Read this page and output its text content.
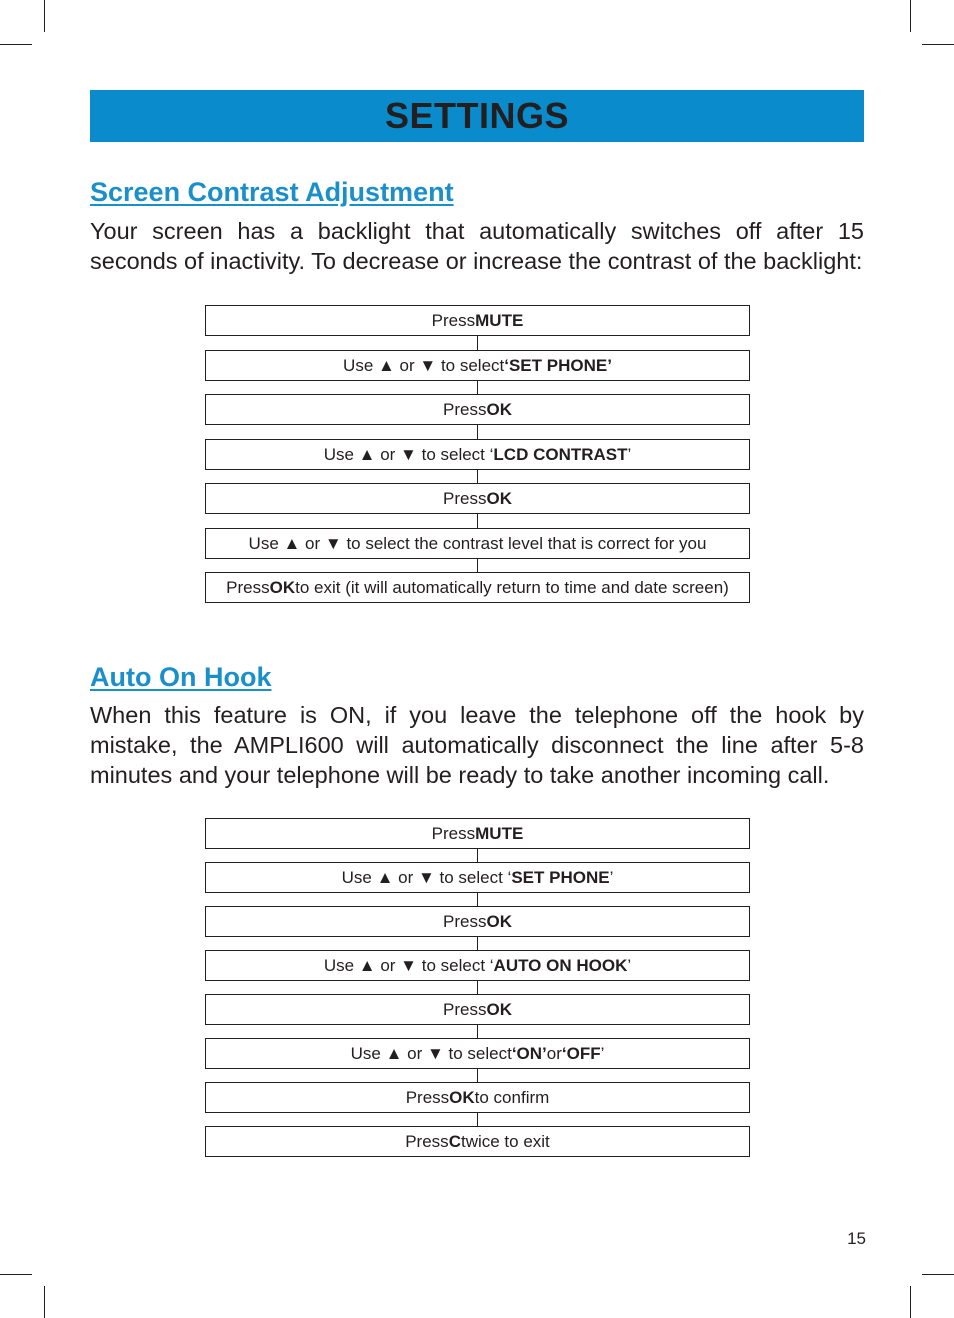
SETTINGS
Screen Contrast Adjustment

Your screen has a backlight that automatically switches off after 15 seconds of inactivity. To decrease or increase the contrast of the backlight:

Press MUTE
Use ▲ or ▼ to select ‘SET PHONE’
Press OK
Use ▲ or ▼ to select ‘ LCD CONTRAST ’
Press OK
Use ▲ or ▼ to select the contrast level that is correct for you
Press OK to exit (it will automatically return to time and date screen)
Auto On Hook

When this feature is ON, if you leave the telephone off the hook by mistake, the AMPLI600 will automatically disconnect the line after 5-8 minutes and your telephone will be ready to take another incoming call.

Press MUTE
Use ▲ or ▼ to select ‘ SET PHONE ’
Press OK
Use ▲ or ▼ to select ‘ AUTO ON HOOK ’
Press OK
Use ▲ or ▼ to select ‘ON’ or ‘OFF ’
Press OK to confirm
Press C twice to exit
15
